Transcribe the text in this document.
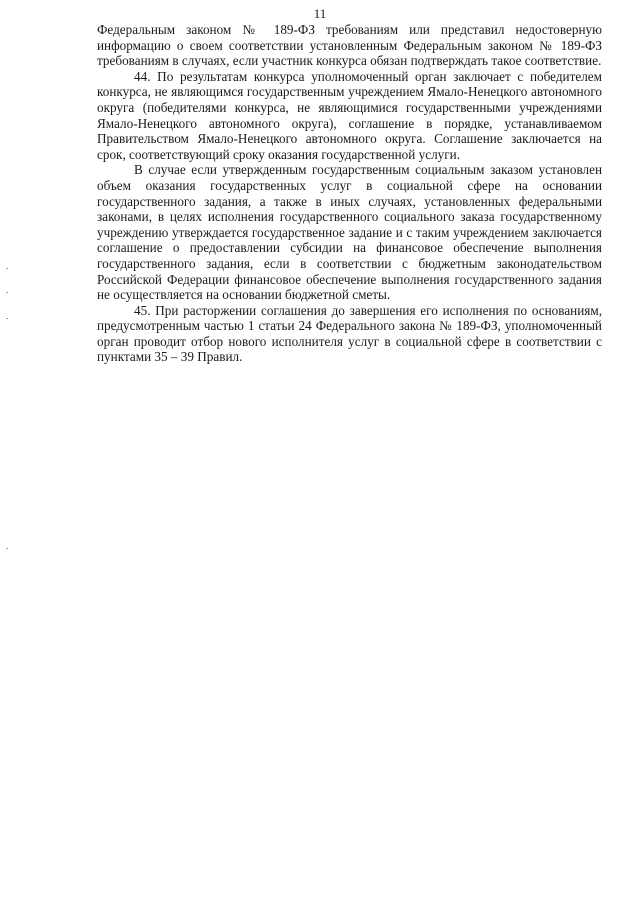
11

Федеральным законом № 189-ФЗ требованиям или представил недостоверную информацию о своем соответствии установленным Федеральным законом № 189-ФЗ требованиям в случаях, если участник конкурса обязан подтверждать такое соответствие.

44. По результатам конкурса уполномоченный орган заключает с победителем конкурса, не являющимся государственным учреждением Ямало-Ненецкого автономного округа (победителями конкурса, не являющимися государственными учреждениями Ямало-Ненецкого автономного округа), соглашение в порядке, устанавливаемом Правительством Ямало-Ненецкого автономного округа. Соглашение заключается на срок, соответствующий сроку оказания государственной услуги.

В случае если утвержденным государственным социальным заказом установлен объем оказания государственных услуг в социальной сфере на основании государственного задания, а также в иных случаях, установленных федеральными законами, в целях исполнения государственного социального заказа государственному учреждению утверждается государственное задание и с таким учреждением заключается соглашение о предоставлении субсидии на финансовое обеспечение выполнения государственного задания, если в соответствии с бюджетным законодательством Российской Федерации финансовое обеспечение выполнения государственного задания не осуществляется на основании бюджетной сметы.

45. При расторжении соглашения до завершения его исполнения по основаниям, предусмотренным частью 1 статьи 24 Федерального закона № 189-ФЗ, уполномоченный орган проводит отбор нового исполнителя услуг в социальной сфере в соответствии с пунктами 35 – 39 Правил.
